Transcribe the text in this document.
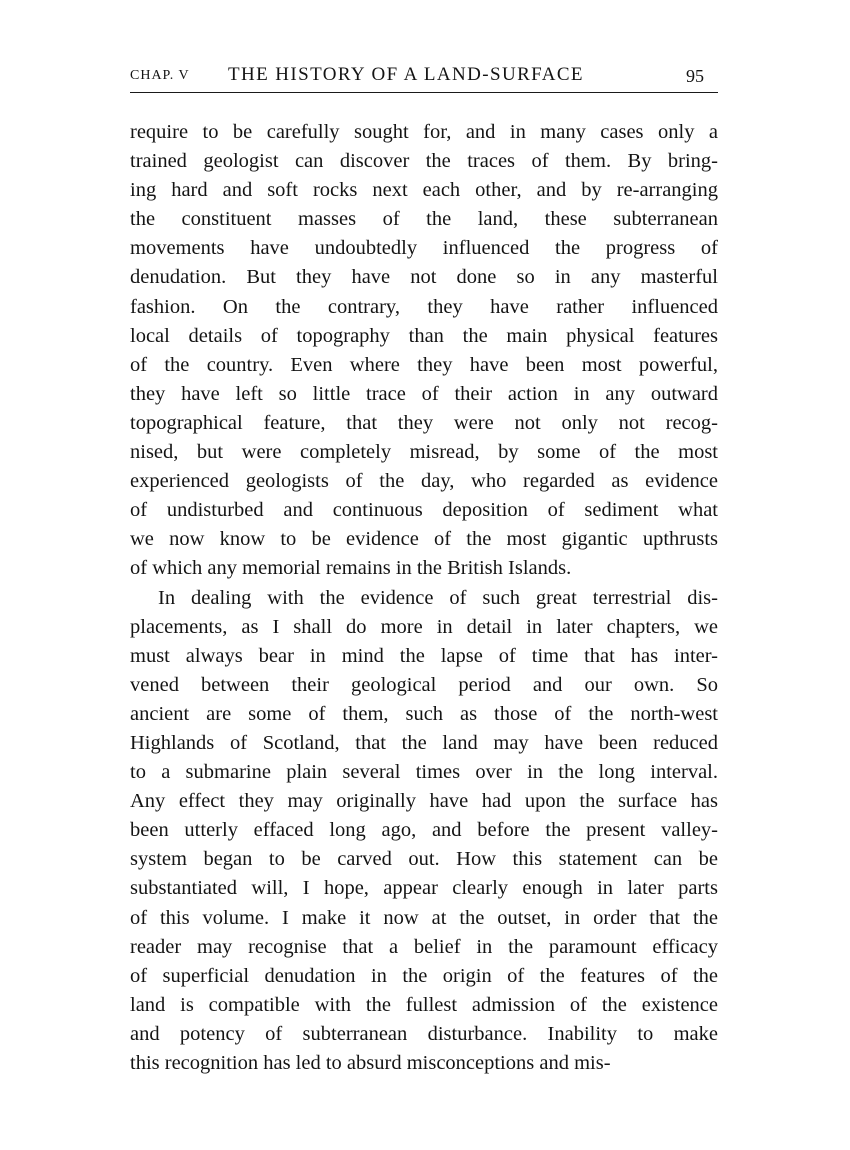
CHAP. V THE HISTORY OF A LAND-SURFACE	95

require to be carefully sought for, and in many cases only a
trained geologist can discover the traces of them. By bring-
ing hard and soft rocks next each other, and by re-arranging
the constituent masses of the land, these subterranean
movements have undoubtedly influenced the progress of
denudation. But they have not done so in any masterful
fashion. On the contrary, they have rather influenced
local details of topography than the main physical features
of the country. Even where they have been most powerful,
they have left so little trace of their action in any outward
topographical feature, that they were not only not recog-
nised, but were completely misread, by some of the most
experienced geologists of the day, who regarded as evidence
of undisturbed and continuous deposition of sediment what
we now know to be evidence of the most gigantic upthrusts
of which any memorial remains in the British Islands.

In dealing with the evidence of such great terrestrial dis-
placements, as I shall do more in detail in later chapters, we
must always bear in mind the lapse of time that has inter-
vened between their geological period and our own. So
ancient are some of them, such as those of the north-west
Highlands of Scotland, that the land may have been reduced
to a submarine plain several times over in the long interval.
Any effect they may originally have had upon the surface has
been utterly effaced long ago, and before the present valley-
system began to be carved out. How this statement can be
substantiated will, I hope, appear clearly enough in later parts
of this volume. I make it now at the outset, in order that the
reader may recognise that a belief in the paramount efficacy
of superficial denudation in the origin of the features of the
land is compatible with the fullest admission of the existence
and potency of subterranean disturbance. Inability to make
this recognition has led to absurd misconceptions and mis-
